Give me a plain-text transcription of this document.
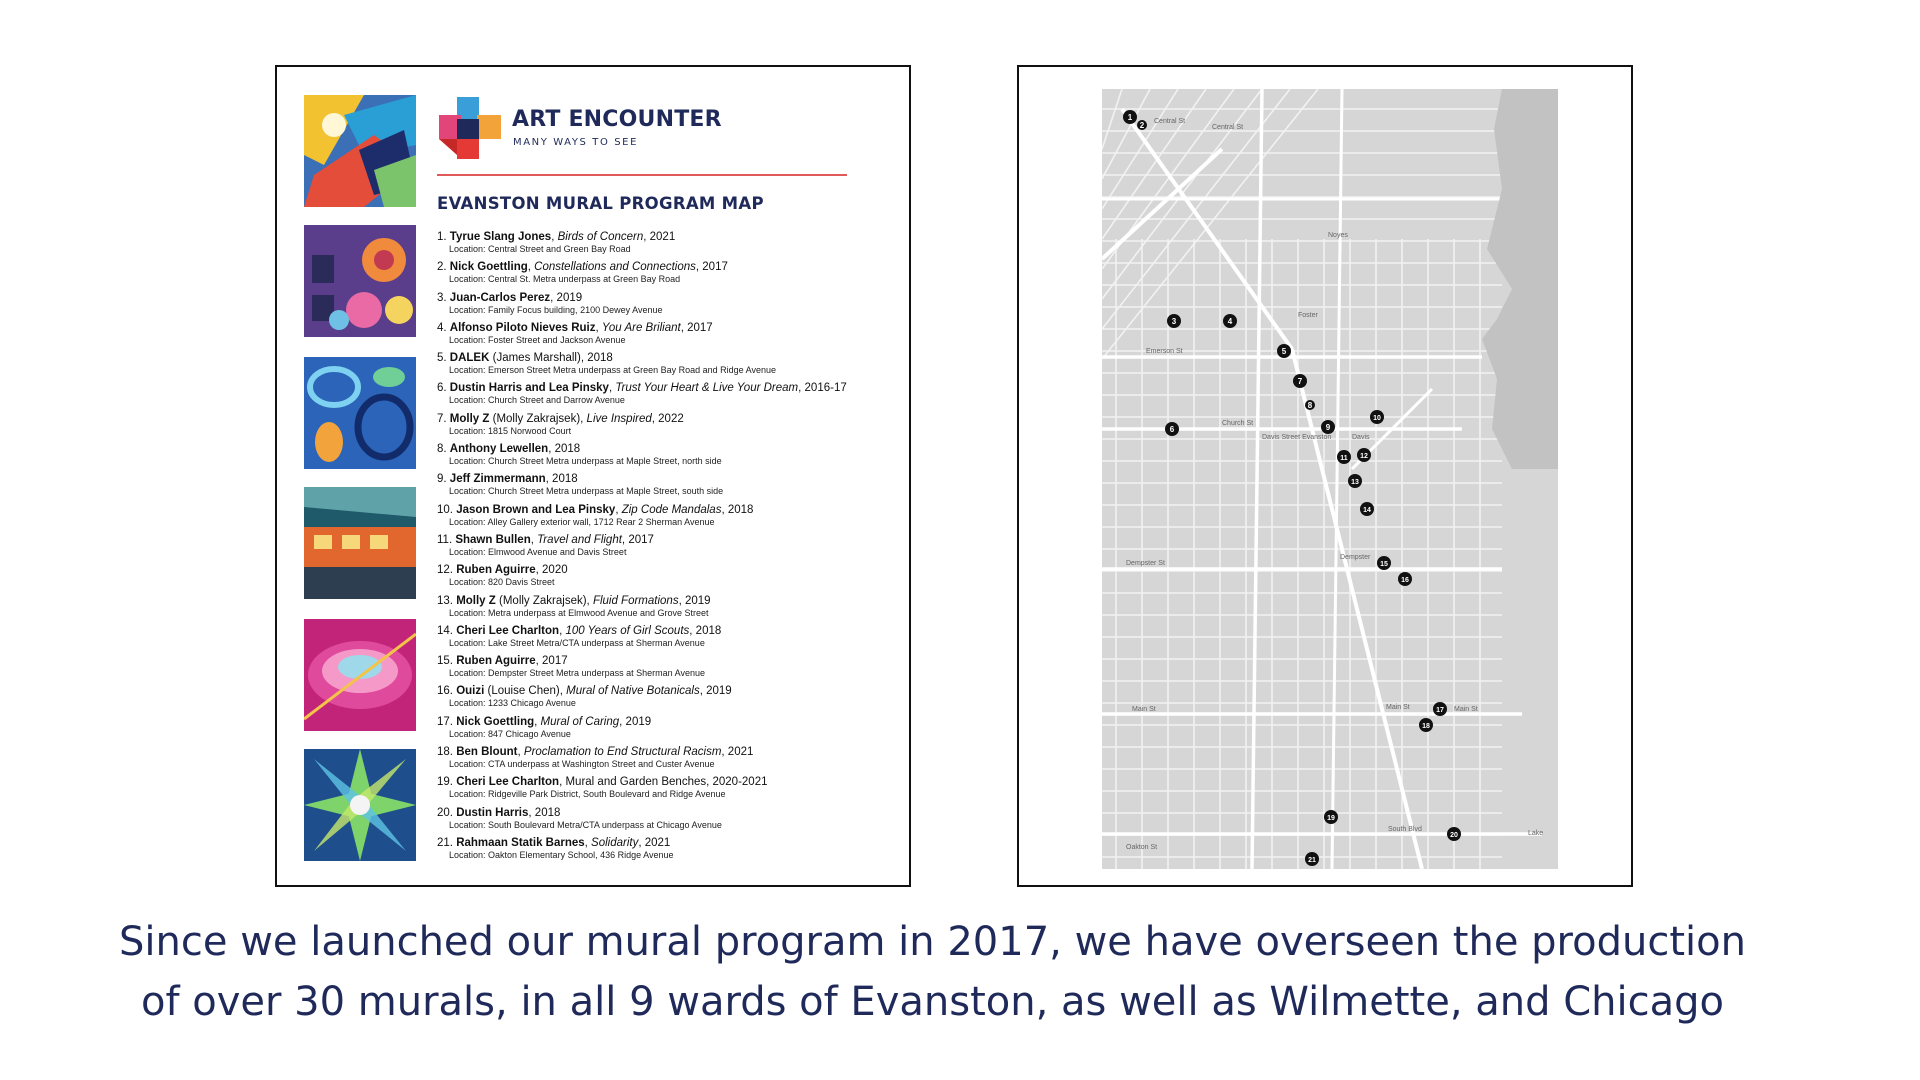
ART ENCOUNTER
MANY WAYS TO SEE
EVANSTON MURAL PROGRAM MAP
1. Tyrue Slang Jones, Birds of Concern, 2021
Location: Central Street and Green Bay Road
2. Nick Goettling, Constellations and Connections, 2017
Location: Central St. Metra underpass at Green Bay Road
3. Juan-Carlos Perez, 2019
Location: Family Focus building, 2100 Dewey Avenue
4. Alfonso Piloto Nieves Ruiz, You Are Briliant, 2017
Location: Foster Street and Jackson Avenue
5. DALEK (James Marshall), 2018
Location: Emerson Street Metra underpass at Green Bay Road and Ridge Avenue
6. Dustin Harris and Lea Pinsky, Trust Your Heart & Live Your Dream, 2016-17
Location: Church Street and Darrow Avenue
7. Molly Z (Molly Zakrajsek), Live Inspired, 2022
Location: 1815 Norwood Court
8. Anthony Lewellen, 2018
Location: Church Street Metra underpass at Maple Street, north side
9. Jeff Zimmermann, 2018
Location: Church Street Metra underpass at Maple Street, south side
10. Jason Brown and Lea Pinsky, Zip Code Mandalas, 2018
Location: Alley Gallery exterior wall, 1712 Rear 2 Sherman Avenue
11. Shawn Bullen, Travel and Flight, 2017
Location: Elmwood Avenue and Davis Street
12. Ruben Aguirre, 2020
Location: 820 Davis Street
13. Molly Z (Molly Zakrajsek), Fluid Formations, 2019
Location: Metra underpass at Elmwood Avenue and Grove Street
14. Cheri Lee Charlton, 100 Years of Girl Scouts, 2018
Location: Lake Street Metra/CTA underpass at Sherman Avenue
15. Ruben Aguirre, 2017
Location: Dempster Street Metra underpass at Sherman Avenue
16. Ouizi (Louise Chen), Mural of Native Botanicals, 2019
Location: 1233 Chicago Avenue
17. Nick Goettling, Mural of Caring, 2019
Location: 847 Chicago Avenue
18. Ben Blount, Proclamation to End Structural Racism, 2021
Location: CTA underpass at Washington Street and Custer Avenue
19. Cheri Lee Charlton, Mural and Garden Benches, 2020-2021
Location: Ridgeville Park District, South Boulevard and Ridge Avenue
20. Dustin Harris, 2018
Location: South Boulevard Metra/CTA underpass at Chicago Avenue
21. Rahmaan Statik Barnes, Solidarity, 2021
Location: Oakton Elementary School, 436 Ridge Avenue
Central St
Central St
Noyes
Foster
Emerson St
Church St
Davis Street Evanston	Davis
Dempster St
Dempster
Main St	Main St	Main St
South Blvd
Oakton St
Lake
1
2
3	4
5
6
7
8
9
10
11 12
13
14
15
16
17
18
19
20
21
Since we launched our mural program in 2017, we have overseen the production
of over 30 murals, in all 9 wards of Evanston, as well as Wilmette, and Chicago
